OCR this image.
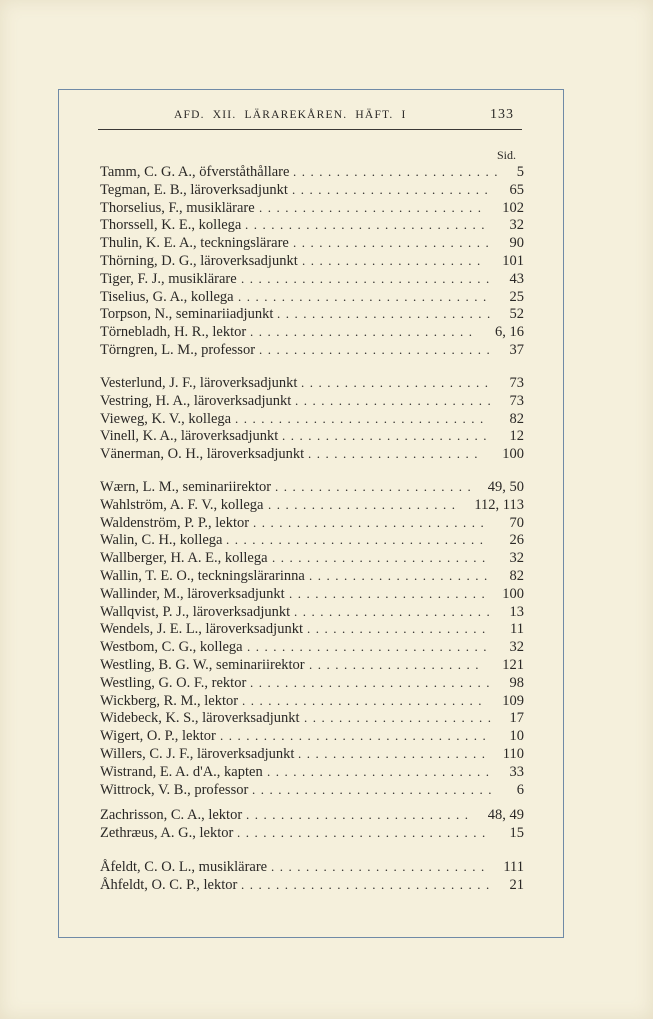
AFD. XII. LÄRAREKÅREN. HÄFT. I	133
Sid.
Tamm, C. G. A., öfverståthållare ........................ 5
Tegman, E. B., läroverksadjunkt ....................... 65
Thorselius, F., musiklärare .......................... 102
Thorssell, K. E., kollega ............................ 32
Thulin, K. E. A., teckningslärare ....................... 90
Thörning, D. G., läroverksadjunkt ..................... 101
Tiger, F. J., musiklärare ............................. 43
Tiselius, G. A., kollega ............................. 25
Torpson, N., seminariiadjunkt ......................... 52
Törnebladh, H. R., lektor .......................... 6, 16
Törngren, L. M., professor ........................... 37
Vesterlund, J. F., läroverksadjunkt ...................... 73
Vestring, H. A., läroverksadjunkt ....................... 73
Vieweg, K. V., kollega ............................. 82
Vinell, K. A., läroverksadjunkt ........................ 12
Vänerman, O. H., läroverksadjunkt .................... 100
Wærn, L. M., seminariirektor ....................... 49, 50
Wahlström, A. F. V., kollega ...................... 112, 113
Waldenström, P. P., lektor ........................... 70
Walin, C. H., kollega .............................. 26
Wallberger, H. A. E., kollega ......................... 32
Wallin, T. E. O., teckningslärarinna ..................... 82
Wallinder, M., läroverksadjunkt ....................... 100
Wallqvist, P. J., läroverksadjunkt ....................... 13
Wendels, J. E. L., läroverksadjunkt ..................... 11
Westbom, C. G., kollega ............................ 32
Westling, B. G. W., seminariirektor .................... 121
Westling, G. O. F., rektor ............................ 98
Wickberg, R. M., lektor ............................ 109
Widebeck, K. S., läroverksadjunkt ...................... 17
Wigert, O. P., lektor ............................... 10
Willers, C. J. F., läroverksadjunkt ...................... 110
Wistrand, E. A. d'A., kapten .......................... 33
Wittrock, V. B., professor ............................ 6
Zachrisson, C. A., lektor .......................... 48, 49
Zethræus, A. G., lektor ............................. 15
Åfeldt, C. O. L., musiklärare ......................... 111
Åhfeldt, O. C. P., lektor ............................. 21
